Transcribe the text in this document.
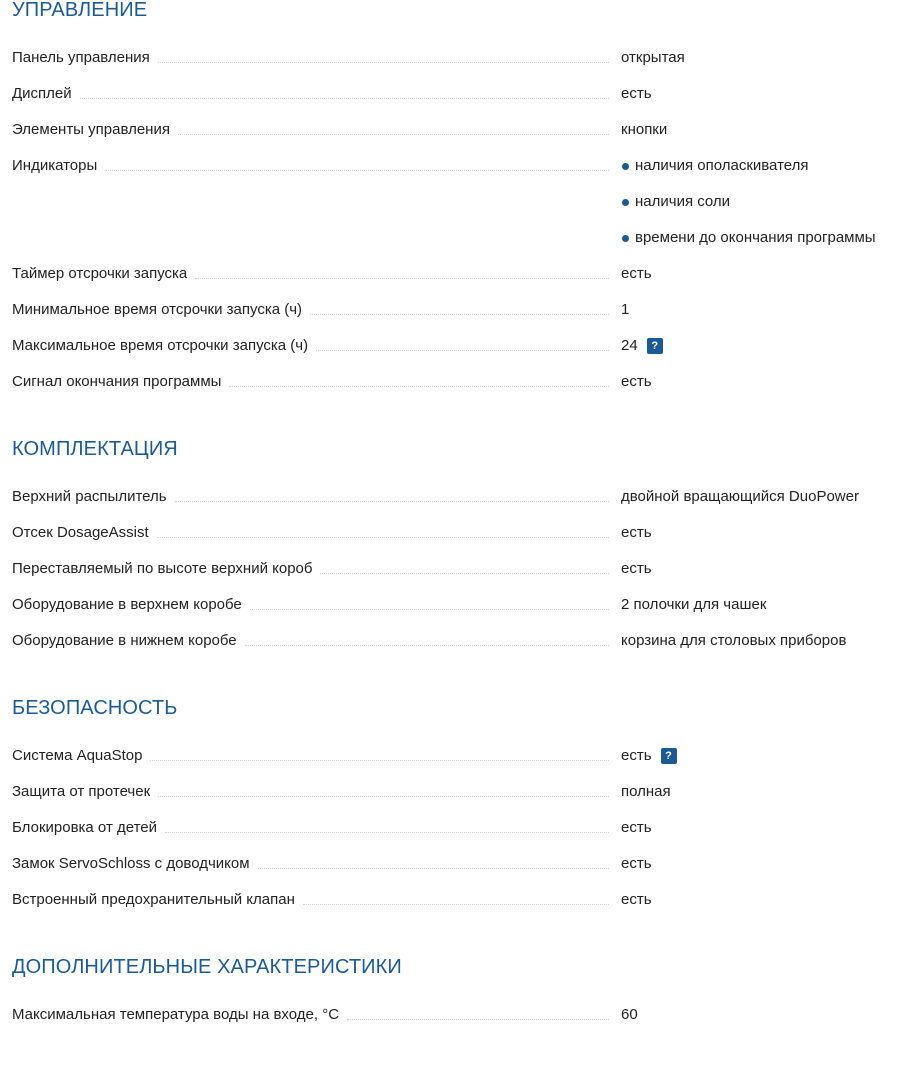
УПРАВЛЕНИЕ
Панель управления	открытая
Дисплей	есть
Элементы управления	кнопки
Индикаторы	наличия ополаскивателя
наличия соли
времени до окончания программы
Таймер отсрочки запуска	есть
Минимальное время отсрочки запуска (ч)	1
Максимальное время отсрочки запуска (ч)	24	?
Сигнал окончания программы	есть
КОМПЛЕКТАЦИЯ
Верхний распылитель	двойной вращающийся DuoPower
Отсек DosageAssist	есть
Переставляемый по высоте верхний короб	есть
Оборудование в верхнем коробе	2 полочки для чашек
Оборудование в нижнем коробе	корзина для столовых приборов
БЕЗОПАСНОСТЬ
Система AquaStop	есть	?
Защита от протечек	полная
Блокировка от детей	есть
Замок ServoSchloss с доводчиком	есть
Встроенный предохранительный клапан	есть
ДОПОЛНИТЕЛЬНЫЕ ХАРАКТЕРИСТИКИ
Максимальная температура воды на входе, °C	60
